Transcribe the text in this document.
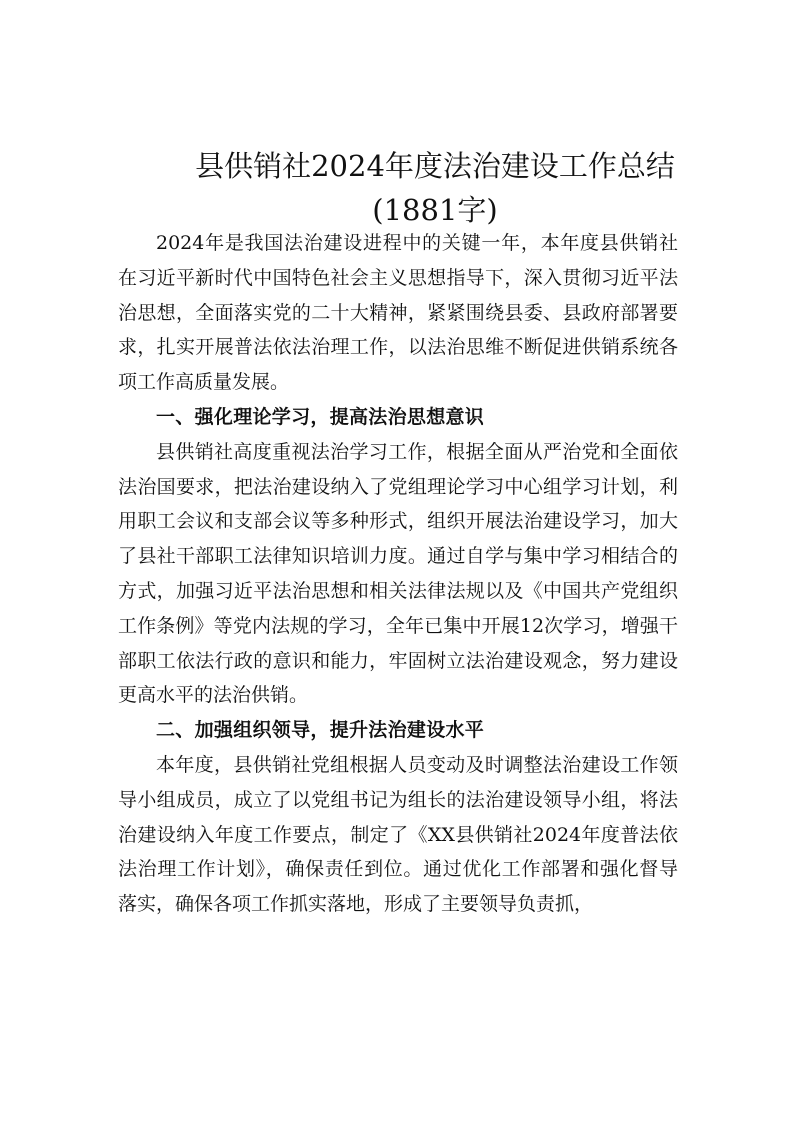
县供销社2024年度法治建设工作总结
(1881字)

2024年是我国法治建设进程中的关键一年，本年度县供销社在习近平新时代中国特色社会主义思想指导下，深入贯彻习近平法治思想，全面落实党的二十大精神，紧紧围绕县委、县政府部署要求，扎实开展普法依法治理工作，以法治思维不断促进供销系统各项工作高质量发展。

一、强化理论学习，提高法治思想意识

县供销社高度重视法治学习工作，根据全面从严治党和全面依法治国要求，把法治建设纳入了党组理论学习中心组学习计划，利用职工会议和支部会议等多种形式，组织开展法治建设学习，加大了县社干部职工法律知识培训力度。通过自学与集中学习相结合的方式，加强习近平法治思想和相关法律法规以及《中国共产党组织工作条例》等党内法规的学习，全年已集中开展12次学习，增强干部职工依法行政的意识和能力，牢固树立法治建设观念，努力建设更高水平的法治供销。

二、加强组织领导，提升法治建设水平

本年度，县供销社党组根据人员变动及时调整法治建设工作领导小组成员，成立了以党组书记为组长的法治建设领导小组，将法治建设纳入年度工作要点，制定了《XX县供销社2024年度普法依法治理工作计划》，确保责任到位。通过优化工作部署和强化督导落实，确保各项工作抓实落地，形成了主要领导负责抓，
